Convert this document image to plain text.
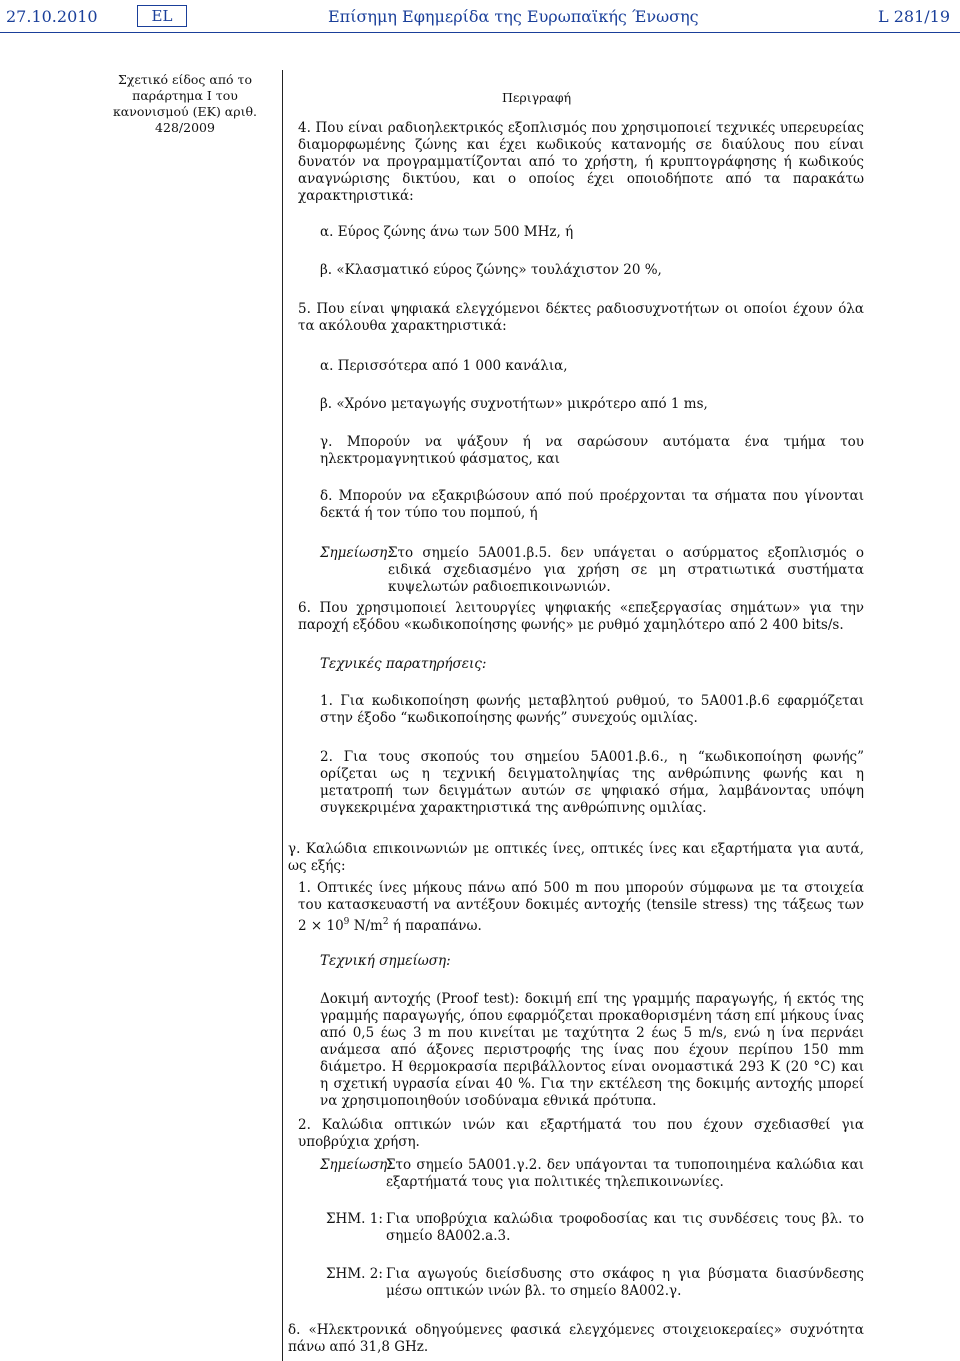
27.10.2010	EL	Επίσημη Εφημερίδα της Ευρωπαϊκής Ένωσης	L 281/19
Σχετικό είδος από το παράρτημα I του κανονισμού (ΕΚ) αριθ. 428/2009
Περιγραφή
4. Που είναι ραδιοηλεκτρικός εξοπλισμός που χρησιμοποιεί τεχνικές υπερευρείας διαμορφωμένης ζώνης και έχει κωδικούς κατανομής σε διαύλους που είναι δυνατόν να προγραμματίζονται από το χρήστη, ή κρυπτογράφησης ή κωδικούς αναγνώρισης δικτύου, και ο οποίος έχει οποιοδήποτε από τα παρακάτω χαρακτηριστικά:
α. Εύρος ζώνης άνω των 500 MHz, ή
β. «Κλασματικό εύρος ζώνης» τουλάχιστον 20 %,
5. Που είναι ψηφιακά ελεγχόμενοι δέκτες ραδιοσυχνοτήτων οι οποίοι έχουν όλα τα ακόλουθα χαρακτηριστικά:
α. Περισσότερα από 1 000 κανάλια,
β. «Χρόνο μεταγωγής συχνοτήτων» μικρότερο από 1 ms,
γ. Μπορούν να ψάξουν ή να σαρώσουν αυτόματα ένα τμήμα του ηλεκτρομαγνητικού φάσματος, και
δ. Μπορούν να εξακριβώσουν από πού προέρχονται τα σήματα που γίνονται δεκτά ή τον τύπο του πομπού, ή
Σημείωση:
Στο σημείο 5A001.β.5. δεν υπάγεται ο ασύρματος εξοπλισμός ο ειδικά σχεδιασμένο για χρήση σε μη στρατιωτικά συστήματα κυψελωτών ραδιοεπικοινωνιών.
6. Που χρησιμοποιεί λειτουργίες ψηφιακής «επεξεργασίας σημάτων» για την παροχή εξόδου «κωδικοποίησης φωνής» με ρυθμό χαμηλότερο από 2 400 bits/s.
Τεχνικές παρατηρήσεις:
1. Για κωδικοποίηση φωνής μεταβλητού ρυθμού, το 5A001.β.6 εφαρμόζεται στην έξοδο “κωδικοποίησης φωνής” συνεχούς ομιλίας.
2. Για τους σκοπούς του σημείου 5A001.β.6., η “κωδικοποίηση φωνής” ορίζεται ως η τεχνική δειγματοληψίας της ανθρώπινης φωνής και η μετατροπή των δειγμάτων αυτών σε ψηφιακό σήμα, λαμβάνοντας υπόψη συγκεκριμένα χαρακτηριστικά της ανθρώπινης ομιλίας.
γ. Καλώδια επικοινωνιών με οπτικές ίνες, οπτικές ίνες και εξαρτήματα για αυτά, ως εξής:
1. Οπτικές ίνες μήκους πάνω από 500 m που μπορούν σύμφωνα με τα στοιχεία του κατασκευαστή να αντέξουν δοκιμές αντοχής (tensile stress) της τάξεως των $2 \times 10^9$ $N/m^2$ ή παραπάνω.
Τεχνική σημείωση:
Δοκιμή αντοχής (Proof test): δοκιμή επί της γραμμής παραγωγής, ή εκτός της γραμμής παραγωγής, όπου εφαρμόζεται προκαθορισμένη τάση επί μήκους ίνας από 0,5 έως 3 m που κινείται με ταχύτητα 2 έως 5 m/s, ενώ η ίνα περνάει ανάμεσα από άξονες περιστροφής της ίνας που έχουν περίπου 150 mm διάμετρο. Η θερμοκρασία περιβάλλοντος είναι ονομαστικά 293 K (20 °C) και η σχετική υγρασία είναι 40 %. Για την εκτέλεση της δοκιμής αντοχής μπορεί να χρησιμοποιηθούν ισοδύναμα εθνικά πρότυπα.
2. Καλώδια οπτικών ινών και εξαρτήματά του που έχουν σχεδιασθεί για υποβρύχια χρήση.
Σημείωση:
Στο σημείο 5A001.γ.2. δεν υπάγονται τα τυποποιημένα καλώδια και εξαρτήματά τους για πολιτικές τηλεπικοινωνίες.
ΣΗΜ. 1: Για υποβρύχια καλώδια τροφοδοσίας και τις συνδέσεις τους βλ. το σημείο 8A002.a.3.
ΣΗΜ. 2: Για αγωγούς διείσδυσης στο σκάφος η για βύσματα διασύνδεσης μέσω οπτικών ινών βλ. το σημείο 8A002.γ.
δ. «Ηλεκτρονικά οδηγούμενες φασικά ελεγχόμενες στοιχειοκεραίες» συχνότητα πάνω από 31,8 GHz.
